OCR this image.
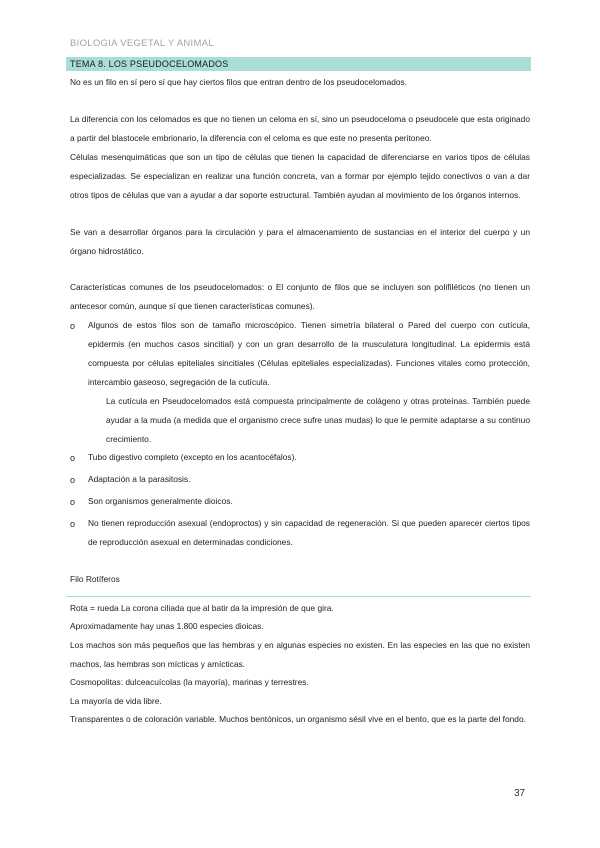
BIOLOGIA VEGETAL Y ANIMAL
TEMA 8. LOS PSEUDOCELOMADOS
No es un filo en sí pero sí que hay ciertos filos que entran dentro de los pseudocelomados.
La diferencia con los celomados es que no tienen un celoma en sí, sino un pseudoceloma o pseudocele que esta originado a partir del blastocele embrionario, la diferencia con el celoma es que este no presenta peritoneo.
Células mesenquimáticas que son un tipo de células que tienen la capacidad de diferenciarse en varios tipos de células especializadas. Se especializan en realizar una función concreta, van a formar por ejemplo tejido conectivos o van a dar otros tipos de células que van a ayudar a dar soporte estructural. También ayudan al movimiento de los órganos internos.
Se van a desarrollar órganos para la circulación y para el almacenamiento de sustancias en el interior del cuerpo y un órgano hidrostático.
Características comunes de los pseudocelomados: o El conjunto de filos que se incluyen son polifiléticos (no tienen un antecesor común, aunque sí que tienen características comunes).
o Algunos de estos filos son de tamaño microscópico. Tienen simetría bilateral o Pared del cuerpo con cutícula, epidermis (en muchos casos sincitial) y con un gran desarrollo de la musculatura longitudinal. La epidermis está compuesta por células epiteliales sincitiales (Células epiteliales especializadas). Funciones vitales como protección, intercambio gaseoso, segregación de la cutícula.
La cutícula en Pseudocelomados está compuesta principalmente de colágeno y otras proteínas. También puede ayudar a la muda (a medida que el organismo crece sufre unas mudas) lo que le permite adaptarse a su continuo crecimiento.
o Tubo digestivo completo (excepto en los acantocéfalos).
o Adaptación a la parasitosis.
o Son organismos generalmente dioicos.
o No tienen reproducción asexual (endoproctos) y sin capacidad de regeneración. Si que pueden aparecer ciertos tipos de reproducción asexual en determinadas condiciones.
Filo Rotíferos
Rota = rueda La corona ciliada que al batir da la impresión de que gira.
Aproximadamente hay unas 1.800 especies dioicas.
Los machos son más pequeños que las hembras y en algunas especies no existen. En las especies en las que no existen machos, las hembras son mícticas y amícticas.
Cosmopolitas: dulceacuícolas (la mayoría), marinas y terrestres.
La mayoría de vida libre.
Transparentes o de coloración variable. Muchos bentónicos, un organismo sésil vive en el bento, que es la parte del fondo.
37
